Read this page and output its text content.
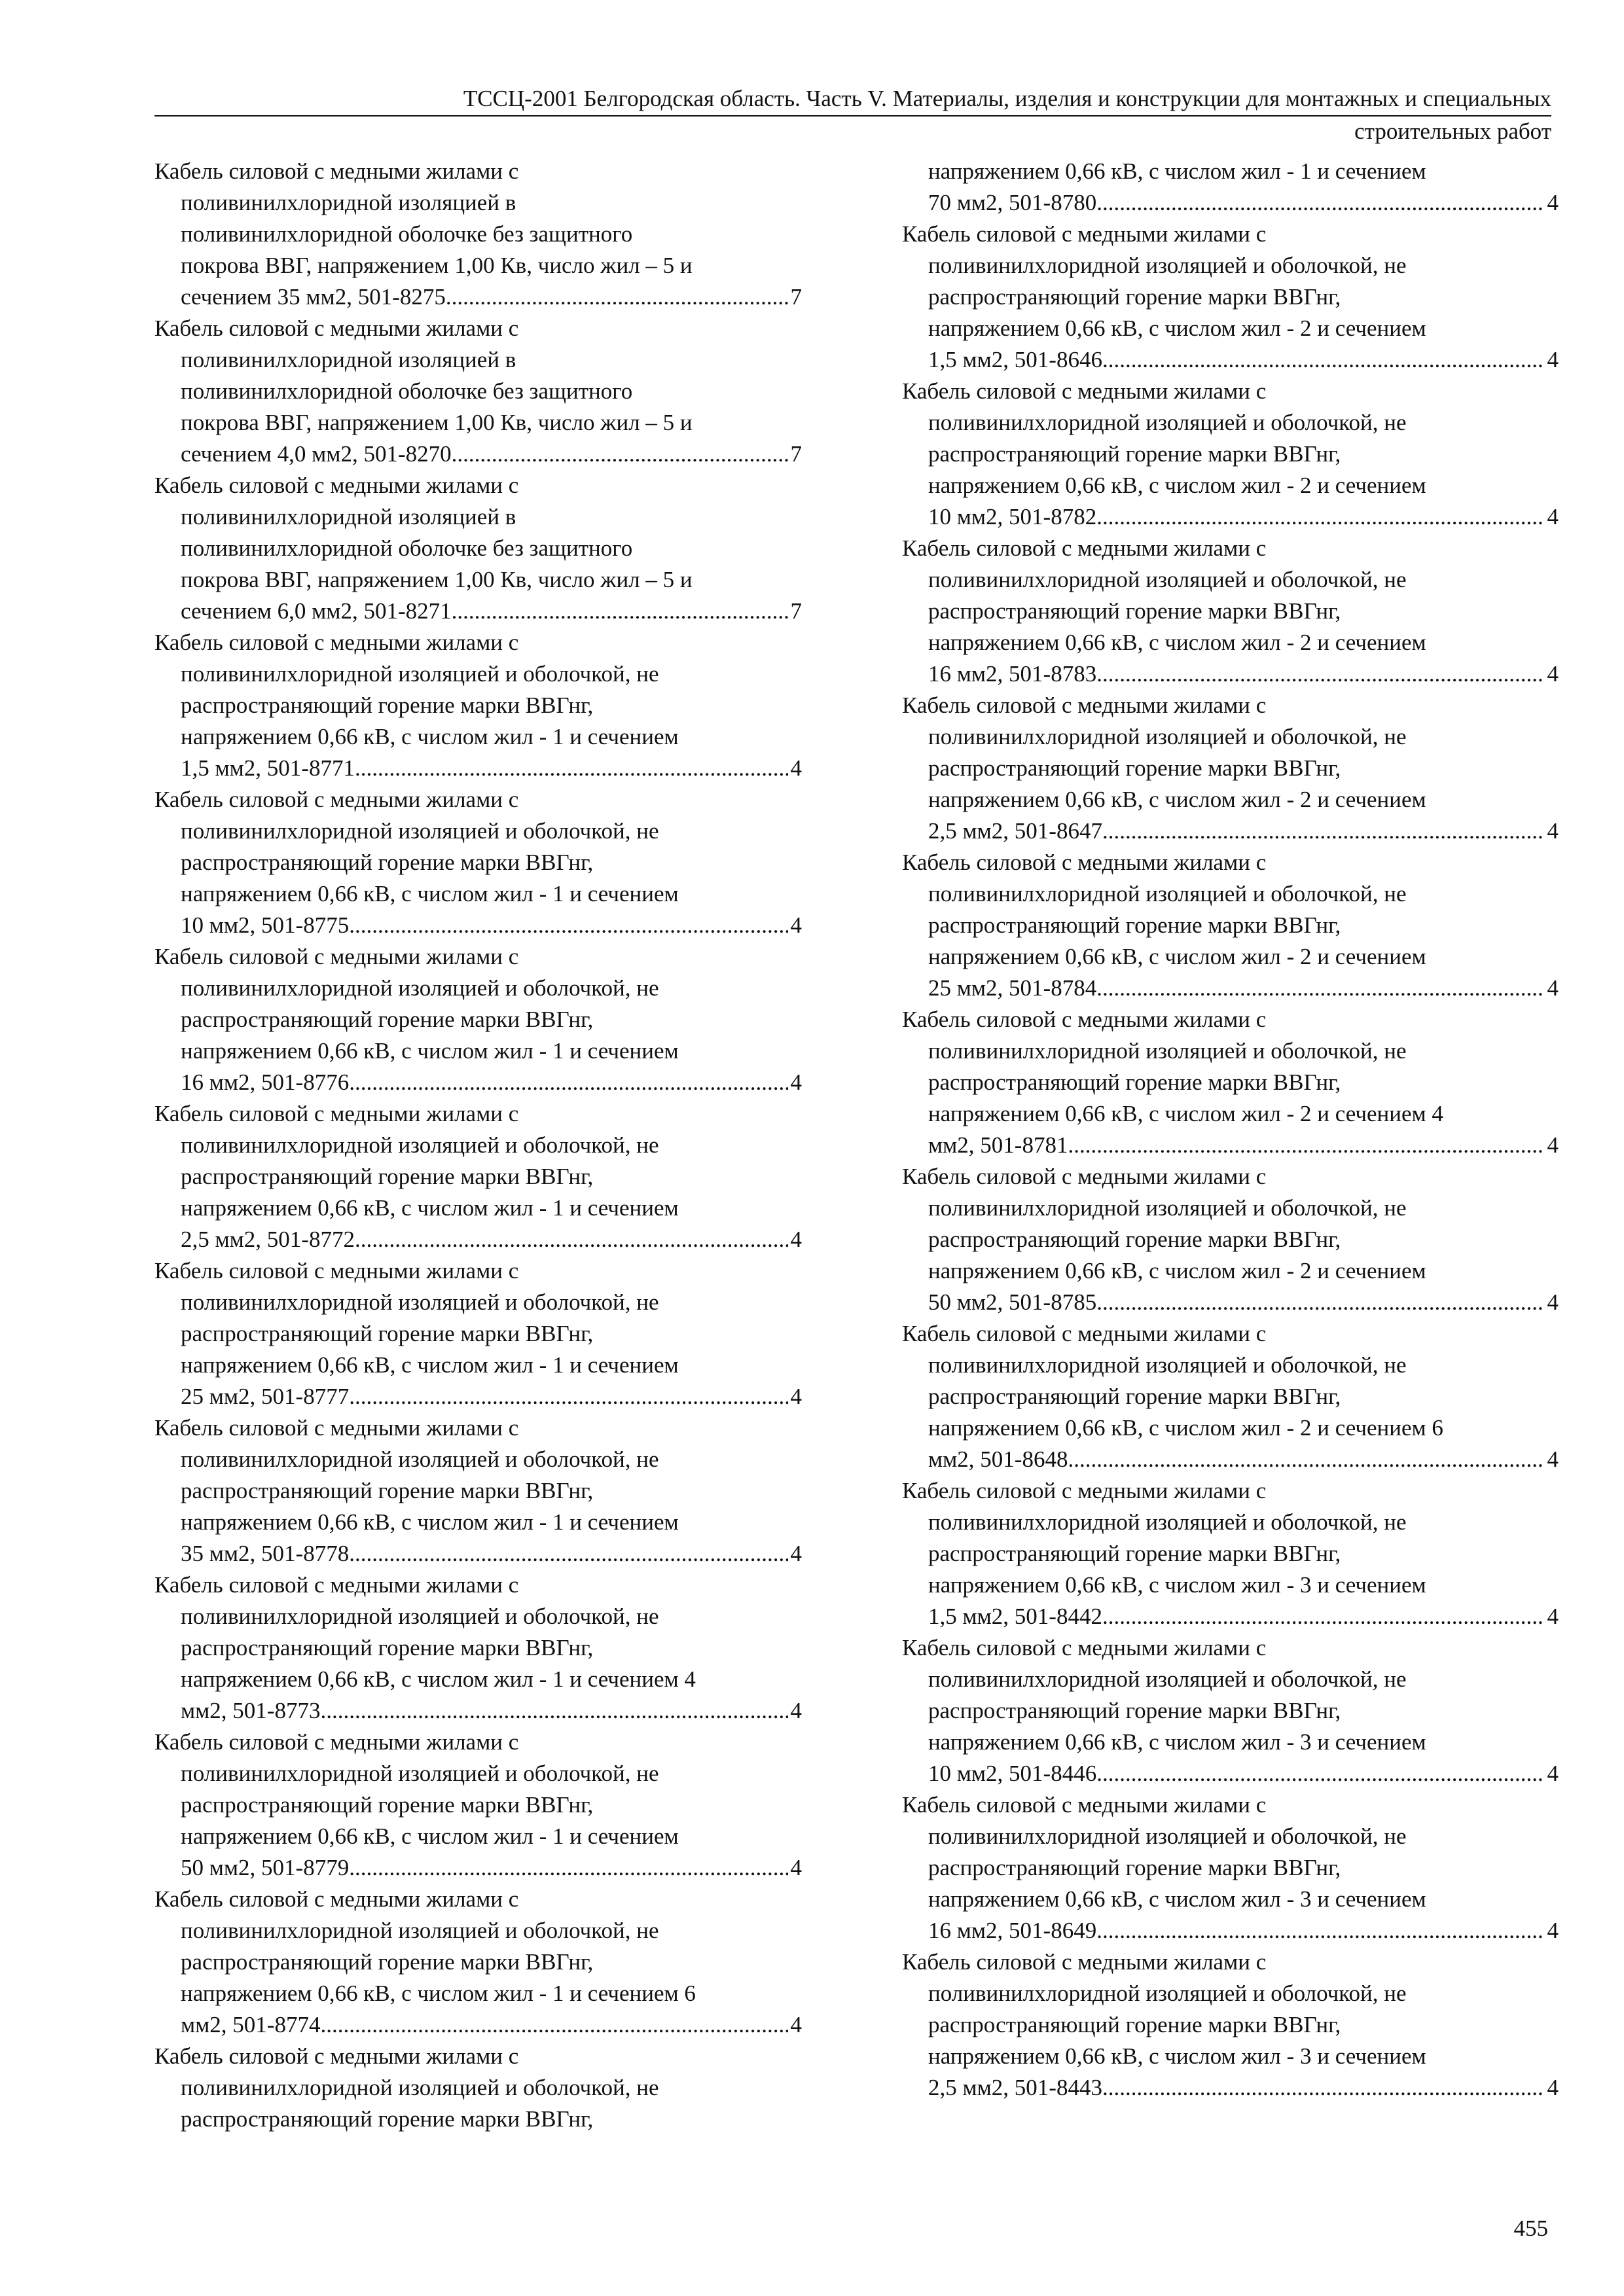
ТССЦ-2001 Белгородская область. Часть V. Материалы, изделия и конструкции для монтажных и специальных
строительных работ
Кабель силовой с медными жилами с
поливинилхлоридной изоляцией в
поливинилхлоридной оболочке без защитного
покрова ВВГ, напряжением 1,00 Кв, число жил – 5 и
сечением 35 мм2, 501-8275 .....	7
Кабель силовой с медными жилами с
поливинилхлоридной изоляцией в
поливинилхлоридной оболочке без защитного
покрова ВВГ, напряжением 1,00 Кв, число жил – 5 и
сечением 4,0 мм2, 501-8270 .....	7
Кабель силовой с медными жилами с
поливинилхлоридной изоляцией в
поливинилхлоридной оболочке без защитного
покрова ВВГ, напряжением 1,00 Кв, число жил – 5 и
сечением 6,0 мм2, 501-8271 .....	7
Кабель силовой с медными жилами с
поливинилхлоридной изоляцией и оболочкой, не
распространяющий горение марки ВВГнг,
напряжением 0,66 кВ, с числом жил - 1 и сечением
1,5 мм2, 501-8771 .....	4
Кабель силовой с медными жилами с
поливинилхлоридной изоляцией и оболочкой, не
распространяющий горение марки ВВГнг,
напряжением 0,66 кВ, с числом жил - 1 и сечением
10 мм2, 501-8775 .....	4
Кабель силовой с медными жилами с
поливинилхлоридной изоляцией и оболочкой, не
распространяющий горение марки ВВГнг,
напряжением 0,66 кВ, с числом жил - 1 и сечением
16 мм2, 501-8776 .....	4
Кабель силовой с медными жилами с
поливинилхлоридной изоляцией и оболочкой, не
распространяющий горение марки ВВГнг,
напряжением 0,66 кВ, с числом жил - 1 и сечением
2,5 мм2, 501-8772 .....	4
Кабель силовой с медными жилами с
поливинилхлоридной изоляцией и оболочкой, не
распространяющий горение марки ВВГнг,
напряжением 0,66 кВ, с числом жил - 1 и сечением
25 мм2, 501-8777 .....	4
Кабель силовой с медными жилами с
поливинилхлоридной изоляцией и оболочкой, не
распространяющий горение марки ВВГнг,
напряжением 0,66 кВ, с числом жил - 1 и сечением
35 мм2, 501-8778 .....	4
Кабель силовой с медными жилами с
поливинилхлоридной изоляцией и оболочкой, не
распространяющий горение марки ВВГнг,
напряжением 0,66 кВ, с числом жил - 1 и сечением 4
мм2, 501-8773 .....	4
Кабель силовой с медными жилами с
поливинилхлоридной изоляцией и оболочкой, не
распространяющий горение марки ВВГнг,
напряжением 0,66 кВ, с числом жил - 1 и сечением
50 мм2, 501-8779 .....	4
Кабель силовой с медными жилами с
поливинилхлоридной изоляцией и оболочкой, не
распространяющий горение марки ВВГнг,
напряжением 0,66 кВ, с числом жил - 1 и сечением 6
мм2, 501-8774 .....	4
Кабель силовой с медными жилами с
поливинилхлоридной изоляцией и оболочкой, не
распространяющий горение марки ВВГнг,
напряжением 0,66 кВ, с числом жил - 1 и сечением
70 мм2, 501-8780 .....	4
Кабель силовой с медными жилами с
поливинилхлоридной изоляцией и оболочкой, не
распространяющий горение марки ВВГнг,
напряжением 0,66 кВ, с числом жил - 2 и сечением
1,5 мм2, 501-8646 .....	4
Кабель силовой с медными жилами с
поливинилхлоридной изоляцией и оболочкой, не
распространяющий горение марки ВВГнг,
напряжением 0,66 кВ, с числом жил - 2 и сечением
10 мм2, 501-8782 .....	4
Кабель силовой с медными жилами с
поливинилхлоридной изоляцией и оболочкой, не
распространяющий горение марки ВВГнг,
напряжением 0,66 кВ, с числом жил - 2 и сечением
16 мм2, 501-8783 .....	4
Кабель силовой с медными жилами с
поливинилхлоридной изоляцией и оболочкой, не
распространяющий горение марки ВВГнг,
напряжением 0,66 кВ, с числом жил - 2 и сечением
2,5 мм2, 501-8647 .....	4
Кабель силовой с медными жилами с
поливинилхлоридной изоляцией и оболочкой, не
распространяющий горение марки ВВГнг,
напряжением 0,66 кВ, с числом жил - 2 и сечением
25 мм2, 501-8784 .....	4
Кабель силовой с медными жилами с
поливинилхлоридной изоляцией и оболочкой, не
распространяющий горение марки ВВГнг,
напряжением 0,66 кВ, с числом жил - 2 и сечением 4
мм2, 501-8781 .....	4
Кабель силовой с медными жилами с
поливинилхлоридной изоляцией и оболочкой, не
распространяющий горение марки ВВГнг,
напряжением 0,66 кВ, с числом жил - 2 и сечением
50 мм2, 501-8785 .....	4
Кабель силовой с медными жилами с
поливинилхлоридной изоляцией и оболочкой, не
распространяющий горение марки ВВГнг,
напряжением 0,66 кВ, с числом жил - 2 и сечением 6
мм2, 501-8648 .....	4
Кабель силовой с медными жилами с
поливинилхлоридной изоляцией и оболочкой, не
распространяющий горение марки ВВГнг,
напряжением 0,66 кВ, с числом жил - 3 и сечением
1,5 мм2, 501-8442 .....	4
Кабель силовой с медными жилами с
поливинилхлоридной изоляцией и оболочкой, не
распространяющий горение марки ВВГнг,
напряжением 0,66 кВ, с числом жил - 3 и сечением
10 мм2, 501-8446 .....	4
Кабель силовой с медными жилами с
поливинилхлоридной изоляцией и оболочкой, не
распространяющий горение марки ВВГнг,
напряжением 0,66 кВ, с числом жил - 3 и сечением
16 мм2, 501-8649 .....	4
Кабель силовой с медными жилами с
поливинилхлоридной изоляцией и оболочкой, не
распространяющий горение марки ВВГнг,
напряжением 0,66 кВ, с числом жил - 3 и сечением
2,5 мм2, 501-8443 .....	4
455
